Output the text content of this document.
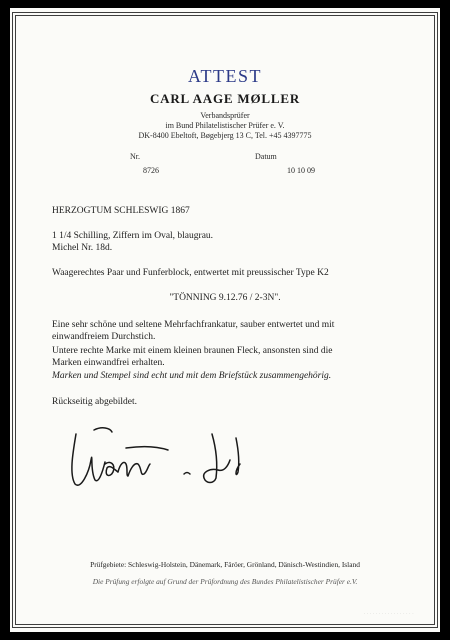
ATTEST
CARL AAGE MØLLER
Verbandsprüfer
im Bund Philatelistischer Prüfer e. V.
DK-8400 Ebeltoft, Bøgebjerg 13 C, Tel. +45 4397775
Nr.
8726
Datum
10 10 09
HERZOGTUM SCHLESWIG 1867
1 1/4 Schilling, Ziffern im Oval, blaugrau.
Michel Nr. 18d.
Waagerechtes Paar und Funferblock, entwertet mit preussischer Type K2
"TÖNNING 9.12.76 / 2-3N".
Eine sehr schöne und seltene Mehrfachfrankatur, sauber entwertet und mit
einwandfreiem Durchstich.
Untere rechte Marke mit einem kleinen braunen Fleck, ansonsten sind die
Marken einwandfrei erhalten.
Marken und Stempel sind echt und mit dem Briefstück zusammengehörig.
Rückseitig abgebildet.
Prüfgebiete: Schleswig-Holstein, Dänemark, Färöer, Grönland, Dänisch-Westindien, Island
Die Prüfung erfolgte auf Grund der Prüfordnung des Bundes Philatelistischer Prüfer e.V.
· · · · · · · · · · · · · · · · ·
